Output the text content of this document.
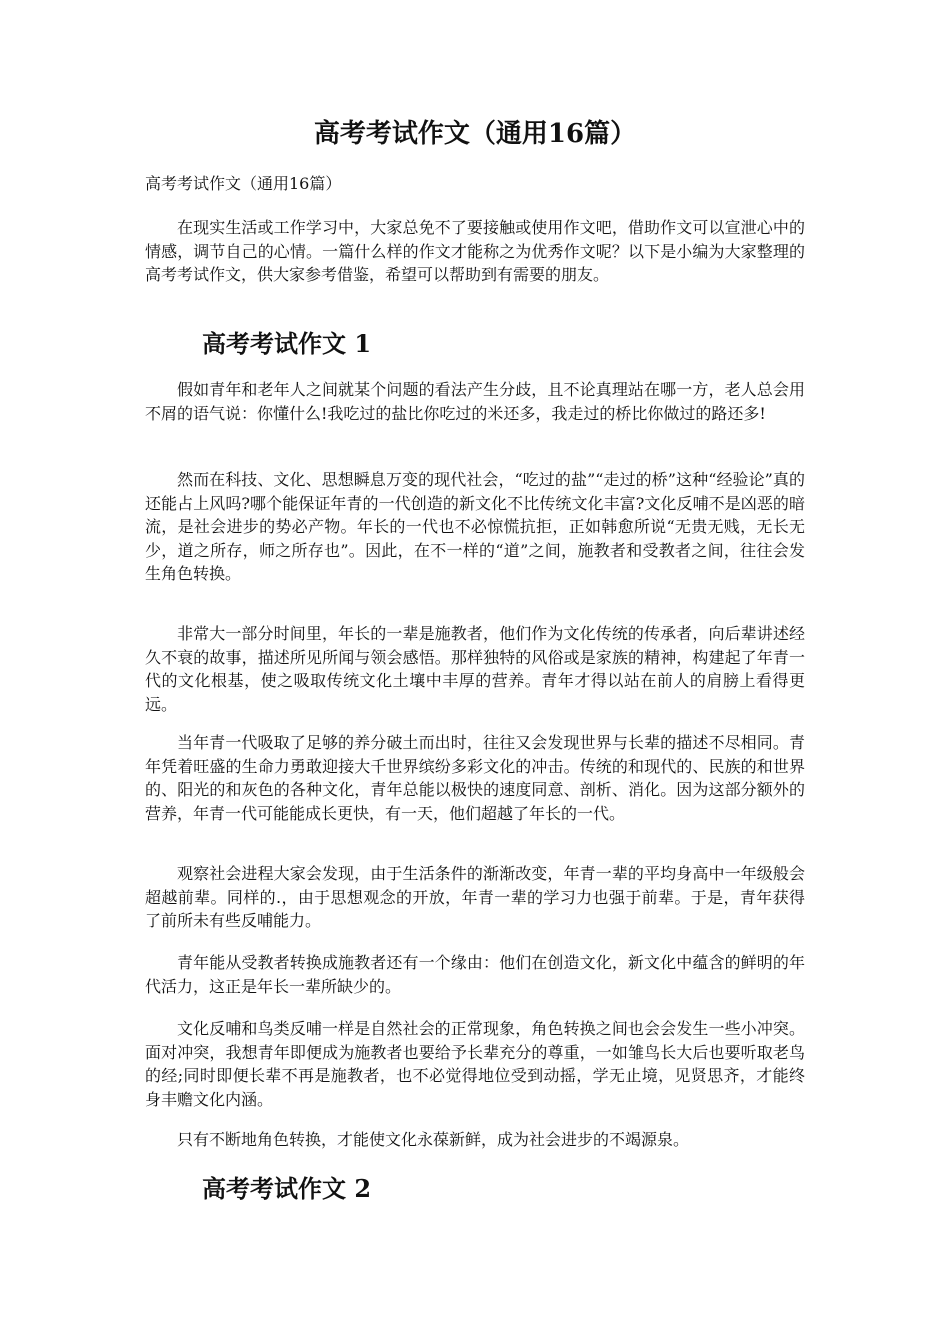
高考考试作文（通用16篇）

高考考试作文（通用16篇）

在现实生活或工作学习中，大家总免不了要接触或使用作文吧，借助作文可以宣泄心中的情感，调节自己的心情。一篇什么样的作文才能称之为优秀作文呢？以下是小编为大家整理的高考考试作文，供大家参考借鉴，希望可以帮助到有需要的朋友。

高考考试作文 1

假如青年和老年人之间就某个问题的看法产生分歧，且不论真理站在哪一方，老人总会用不屑的语气说：你懂什么!我吃过的盐比你吃过的米还多，我走过的桥比你做过的路还多!

然而在科技、文化、思想瞬息万变的现代社会，“吃过的盐”“走过的桥”这种“经验论”真的还能占上风吗?哪个能保证年青的一代创造的新文化不比传统文化丰富?文化反哺不是凶恶的暗流，是社会进步的势必产物。年长的一代也不必惊慌抗拒，正如韩愈所说“无贵无贱，无长无少，道之所存，师之所存也”。因此，在不一样的“道”之间，施教者和受教者之间，往往会发生角色转换。

非常大一部分时间里，年长的一辈是施教者，他们作为文化传统的传承者，向后辈讲述经久不衰的故事，描述所见所闻与领会感悟。那样独特的风俗或是家族的精神，构建起了年青一代的文化根基，使之吸取传统文化土壤中丰厚的营养。青年才得以站在前人的肩膀上看得更远。

当年青一代吸取了足够的养分破土而出时，往往又会发现世界与长辈的描述不尽相同。青年凭着旺盛的生命力勇敢迎接大千世界缤纷多彩文化的冲击。传统的和现代的、民族的和世界的、阳光的和灰色的各种文化，青年总能以极快的速度同意、剖析、消化。因为这部分额外的营养，年青一代可能能成长更快，有一天，他们超越了年长的一代。

观察社会进程大家会发现，由于生活条件的渐渐改变，年青一辈的平均身高中一年级般会超越前辈。同样的.，由于思想观念的开放，年青一辈的学习力也强于前辈。于是，青年获得了前所未有些反哺能力。

青年能从受教者转换成施教者还有一个缘由：他们在创造文化，新文化中蕴含的鲜明的年代活力，这正是年长一辈所缺少的。

文化反哺和鸟类反哺一样是自然社会的正常现象，角色转换之间也会会发生一些小冲突。面对冲突，我想青年即便成为施教者也要给予长辈充分的尊重，一如雏鸟长大后也要听取老鸟的经;同时即便长辈不再是施教者，也不必觉得地位受到动摇，学无止境，见贤思齐，才能终身丰赡文化内涵。

只有不断地角色转换，才能使文化永葆新鲜，成为社会进步的不竭源泉。

高考考试作文 2
